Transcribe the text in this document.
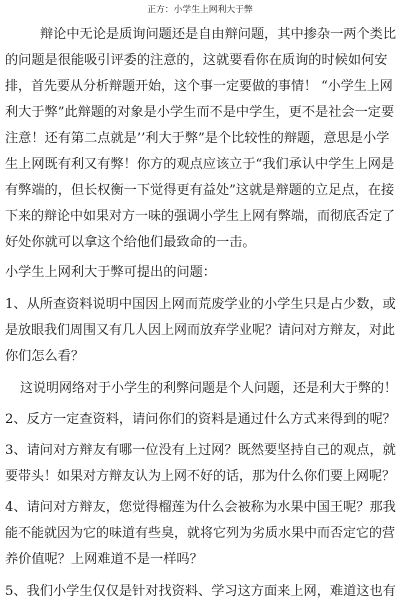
正方：小学生上网利大于弊
辩论中无论是质询问题还是自由辩问题，其中掺杂一两个类比
的问题是很能吸引评委的注意的，这就要看你在质询的时候如何安
排，首先要从分析辩题开始，这个事一定要做的事情！ “小学生上网
利大于弊”此辩题的对象是小学生而不是中学生，更不是社会一定要
注意！还有第二点就是’’利大于弊”是个比较性的辩题，意思是小学
生上网既有利又有弊！你方的观点应该立于“我们承认中学生上网是
有弊端的，但长权衡一下觉得更有益处”这就是辩题的立足点，在接
下来的辩论中如果对方一味的强调小学生上网有弊端，而彻底否定了
好处你就可以拿这个给他们最致命的一击。
小学生上网利大于弊可提出的问题：
1、从所查资料说明中国因上网而荒废学业的小学生只是占少数，或
是放眼我们周围又有几人因上网而放弃学业呢？请问对方辩友，对此
你们怎么看？
这说明网络对于小学生的利弊问题是个人问题，还是利大于弊的！
2、反方一定查资料，请问你们的资料是通过什么方式来得到的呢？
3、请问对方辩友有哪一位没有上过网？既然要坚持自己的观点，就
要带头！如果对方辩友认为上网不好的话，那为什么你们要上网呢？
4、请问对方辩友，您觉得榴莲为什么会被称为水果中国王呢？那我
能不能就因为它的味道有些臭，就将它列为劣质水果中而否定它的营
养价值呢？上网难道不是一样吗？
5、我们小学生仅仅是针对找资料、学习这方面来上网，难道这也有
